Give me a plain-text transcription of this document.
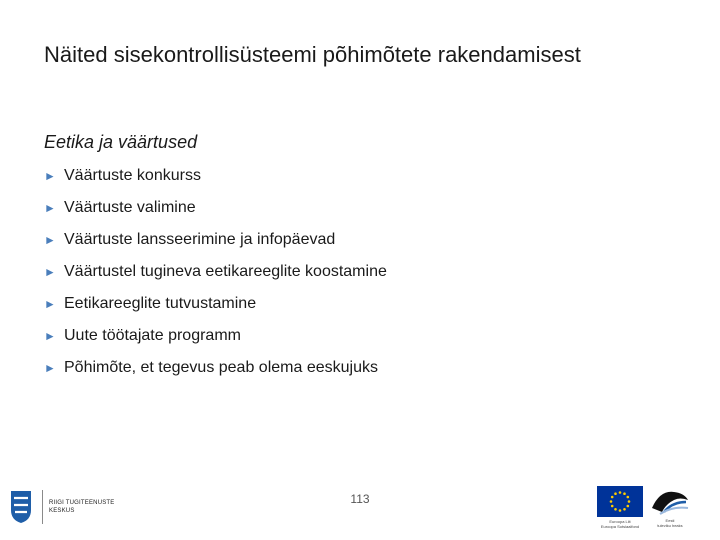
Näited sisekontrollisüsteemi põhimõtete rakendamisest
Eetika ja väärtused
► Väärtuste konkurss
► Väärtuste valimine
► Väärtuste lansseerimine ja infopäevad
► Väärtustel tugineva eetikareeglite koostamine
► Eetikareeglite tutvustamine
► Uute töötajate programm
► Põhimõte, et tegevus peab olema eeskujuks
113
RIIGI TUGITEENUSTE
KESKUS
Euroopa Liit
Euroopa Sotsiaalfond
Eesti
tuleviku heaks
